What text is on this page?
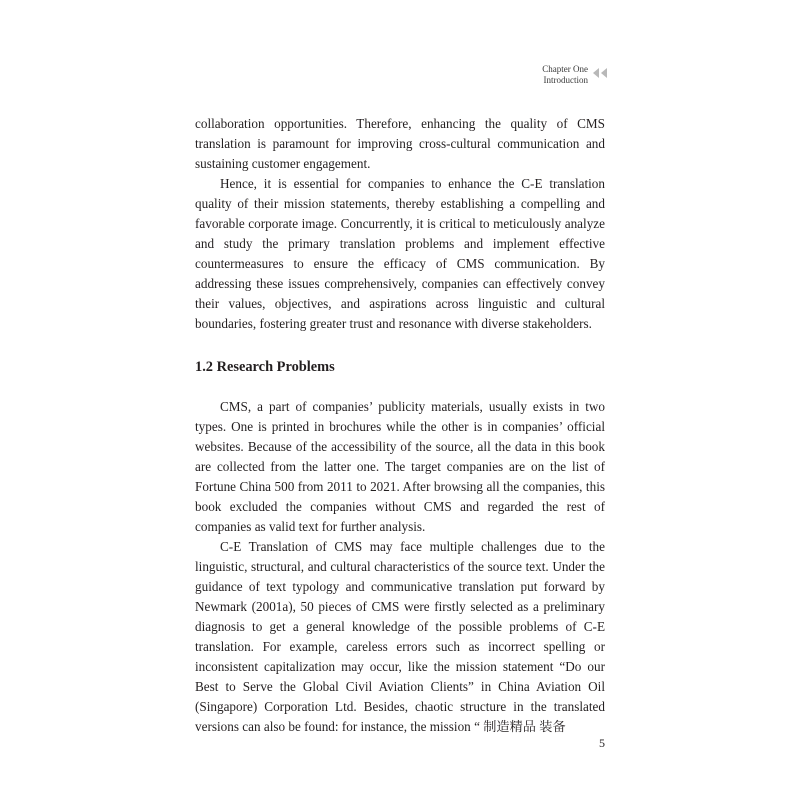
Chapter One
Introduction

collaboration opportunities. Therefore, enhancing the quality of CMS translation is paramount for improving cross-cultural communication and sustaining customer engagement.

Hence, it is essential for companies to enhance the C-E translation quality of their mission statements, thereby establishing a compelling and favorable corporate image. Concurrently, it is critical to meticulously analyze and study the primary translation problems and implement effective countermeasures to ensure the efficacy of CMS communication. By addressing these issues comprehensively, companies can effectively convey their values, objectives, and aspirations across linguistic and cultural boundaries, fostering greater trust and resonance with diverse stakeholders.

1.2 Research Problems

CMS, a part of companies’ publicity materials, usually exists in two types. One is printed in brochures while the other is in companies’ official websites. Because of the accessibility of the source, all the data in this book are collected from the latter one. The target companies are on the list of Fortune China 500 from 2011 to 2021. After browsing all the companies, this book excluded the companies without CMS and regarded the rest of companies as valid text for further analysis.

C-E Translation of CMS may face multiple challenges due to the linguistic, structural, and cultural characteristics of the source text. Under the guidance of text typology and communicative translation put forward by Newmark (2001a), 50 pieces of CMS were firstly selected as a preliminary diagnosis to get a general knowledge of the possible problems of C-E translation. For example, careless errors such as incorrect spelling or inconsistent capitalization may occur, like the mission statement “Do our Best to Serve the Global Civil Aviation Clients” in China Aviation Oil (Singapore) Corporation Ltd. Besides, chaotic structure in the translated versions can also be found: for instance, the mission “ 制造精品 装备

5
